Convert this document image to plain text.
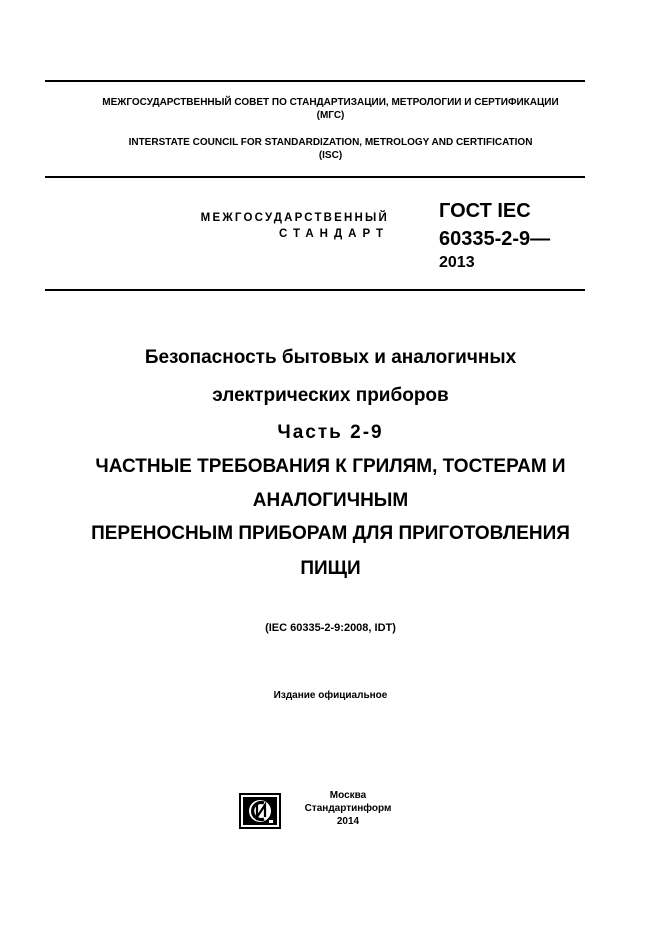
МЕЖГОСУДАРСТВЕННЫЙ СОВЕТ ПО СТАНДАРТИЗАЦИИ, МЕТРОЛОГИИ И СЕРТИФИКАЦИИ
(МГС)
INTERSTATE COUNCIL FOR STANDARDIZATION, METROLOGY AND CERTIFICATION
(ISC)
МЕЖГОСУДАРСТВЕННЫЙ
СТАНДАРТ
ГОСТ IEC
60335-2-9—
2013
Безопасность бытовых и аналогичных
электрических приборов
Часть 2-9
ЧАСТНЫЕ ТРЕБОВАНИЯ К ГРИЛЯМ, ТОСТЕРАМ И
АНАЛОГИЧНЫМ
ПЕРЕНОСНЫМ ПРИБОРАМ ДЛЯ ПРИГОТОВЛЕНИЯ
ПИЩИ
(IEC 60335-2-9:2008, IDT)
Издание официальное
Москва
Стандартинформ
2014
